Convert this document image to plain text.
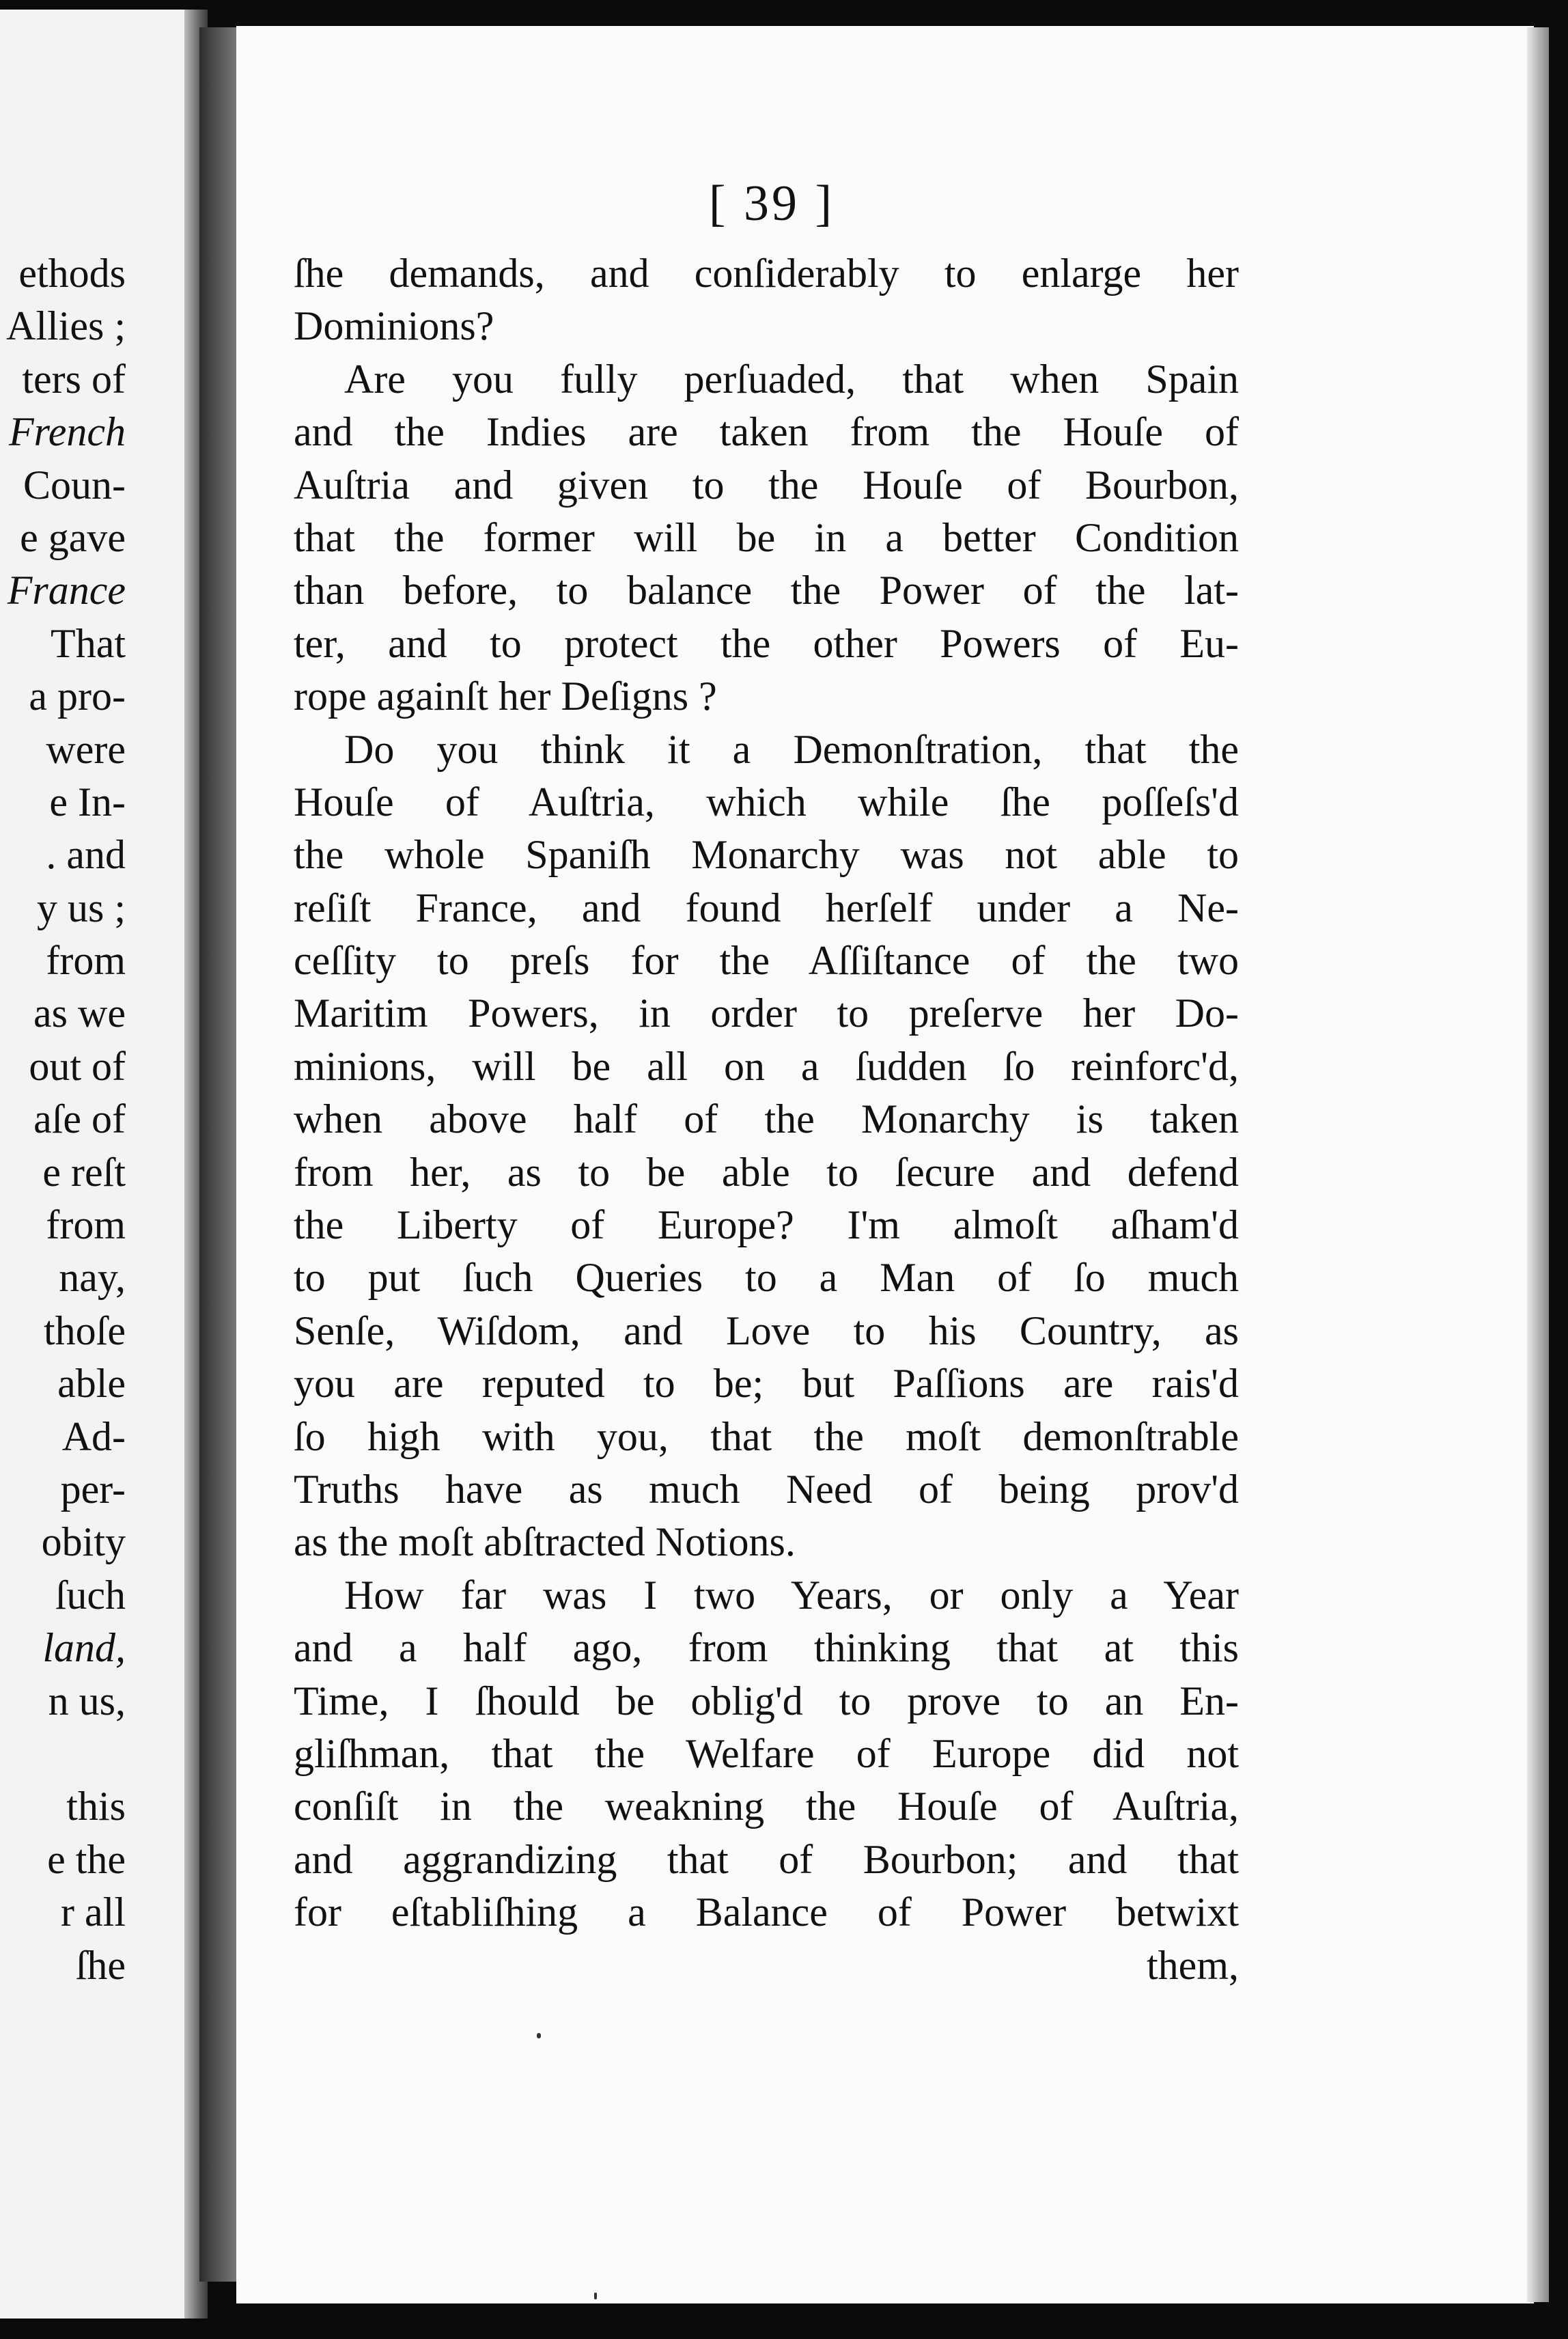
ethods
Allies ;
ters of
French
Coun-
e gave
France
That
a pro-
were
e In-
. and
y us ;
from
as we
out of
aſe of
e reſt
from
nay,
thoſe
able
Ad-
per-
obity
ſuch
land,
n us,
this
e the
r all
ſhe
[ 39 ]
ſhe demands, and conſiderably to enlarge her
Dominions?
Are you fully perſuaded, that when Spain
and the Indies are taken from the Houſe of
Auſtria and given to the Houſe of Bourbon,
that the former will be in a better Condition
than before, to balance the Power of the lat-
ter, and to protect the other Powers of Eu-
rope againſt her Deſigns ?
Do you think it a Demonſtration, that the
Houſe of Auſtria, which while ſhe poſſeſs'd
the whole Spaniſh Monarchy was not able to
reſiſt France, and found herſelf under a Ne-
ceſſity to preſs for the Aſſiſtance of the two
Maritim Powers, in order to preſerve her Do-
minions, will be all on a ſudden ſo reinforc'd,
when above half of the Monarchy is taken
from her, as to be able to ſecure and defend
the Liberty of Europe? I'm almoſt aſham'd
to put ſuch Queries to a Man of ſo much
Senſe, Wiſdom, and Love to his Country, as
you are reputed to be; but Paſſions are rais'd
ſo high with you, that the moſt demonſtrable
Truths have as much Need of being prov'd
as the moſt abſtracted Notions.
How far was I two Years, or only a Year
and a half ago, from thinking that at this
Time, I ſhould be oblig'd to prove to an En-
gliſhman, that the Welfare of Europe did not
conſiſt in the weakning the Houſe of Auſtria,
and aggrandizing that of Bourbon; and that
for eſtabliſhing a Balance of Power betwixt
them,
